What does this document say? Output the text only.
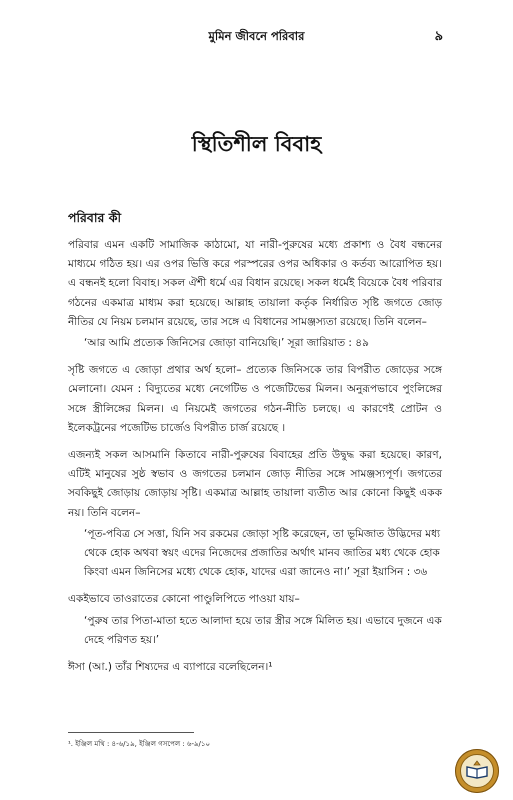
মুমিন জীবনে পরিবার	৯
স্থিতিশীল বিবাহ
পরিবার কী

পরিবার এমন একটি সামাজিক কাঠামো, যা নারী-পুরুষের মধ্যে প্রকাশ্য ও বৈধ বন্ধনের মাধ্যমে গঠিত হয়। এর ওপর ভিত্তি করে পরস্পরের ওপর অধিকার ও কর্তব্য আরোপিত হয়। এ বন্ধনই হলো বিবাহ। সকল ঐশী ধর্মে এর বিধান রয়েছে। সকল ধর্মেই বিয়েকে বৈধ পরিবার গঠনের একমাত্র মাধ্যম করা হয়েছে। আল্লাহ তায়ালা কর্তৃক নির্ধারিত সৃষ্টি জগতে জোড় নীতির যে নিয়ম চলমান রয়েছে, তার সঙ্গে এ বিধানের সামঞ্জস্যতা রয়েছে। তিনি বলেন–

‘আর আমি প্রত্যেক জিনিসের জোড়া বানিয়েছি।’ সূরা জারিয়াত : ৪৯

সৃষ্টি জগতে এ জোড়া প্রথার অর্থ হলো– প্রত্যেক জিনিসকে তার বিপরীত জোড়ের সঙ্গে মেলানো। যেমন : বিদ্যুতের মধ্যে নেগেটিভ ও পজেটিভের মিলন। অনুরূপভাবে পুংলিঙ্গের সঙ্গে স্ত্রীলিঙ্গের মিলন। এ নিয়মেই জগতের গঠন-নীতি চলছে। এ কারণেই প্রোটন ও ইলেকট্রনের পজেটিভ চার্জেও বিপরীত চার্জ রয়েছে ।

এজন্যই সকল আসমানি কিতাবে নারী-পুরুষের বিবাহের প্রতি উদ্বুদ্ধ করা হয়েছে। কারণ, এটিই মানুষের সুষ্ঠ স্বভাব ও জগতের চলমান জোড় নীতির সঙ্গে সামঞ্জস্যপূর্ণ। জগতের সবকিছুই জোড়ায় জোড়ায় সৃষ্টি। একমাত্র আল্লাহ তায়ালা ব্যতীত আর কোনো কিছুই একক নয়। তিনি বলেন–

‘পূত-পবিত্র সে সত্তা, যিনি সব রকমের জোড়া সৃষ্টি করেছেন, তা ভূমিজাত উদ্ভিদের মধ্য থেকে হোক অথবা স্বয়ং এদের নিজেদের প্রজাতির অর্থাৎ মানব জাতির মধ্য থেকে হোক কিংবা এমন জিনিসের মধ্যে থেকে হোক, যাদের এরা জানেও না।’ সূরা ইয়াসিন : ৩৬

একইভাবে তাওরাতের কোনো পাণ্ডুলিপিতে পাওয়া যায়–

‘পুরুষ তার পিতা-মাতা হতে আলাদা হয়ে তার স্ত্রীর সঙ্গে মিলিত হয়। এভাবে দুজনে এক দেহে পরিণত হয়।’

ঈসা (আ.) তাঁর শিষ্যদের এ ব্যাপারে বলেছিলেন।¹

¹. ইঞ্জিল মথি : ৪-৬/১৯, ইঞ্জিল গসপেল : ৬-৯/১০
